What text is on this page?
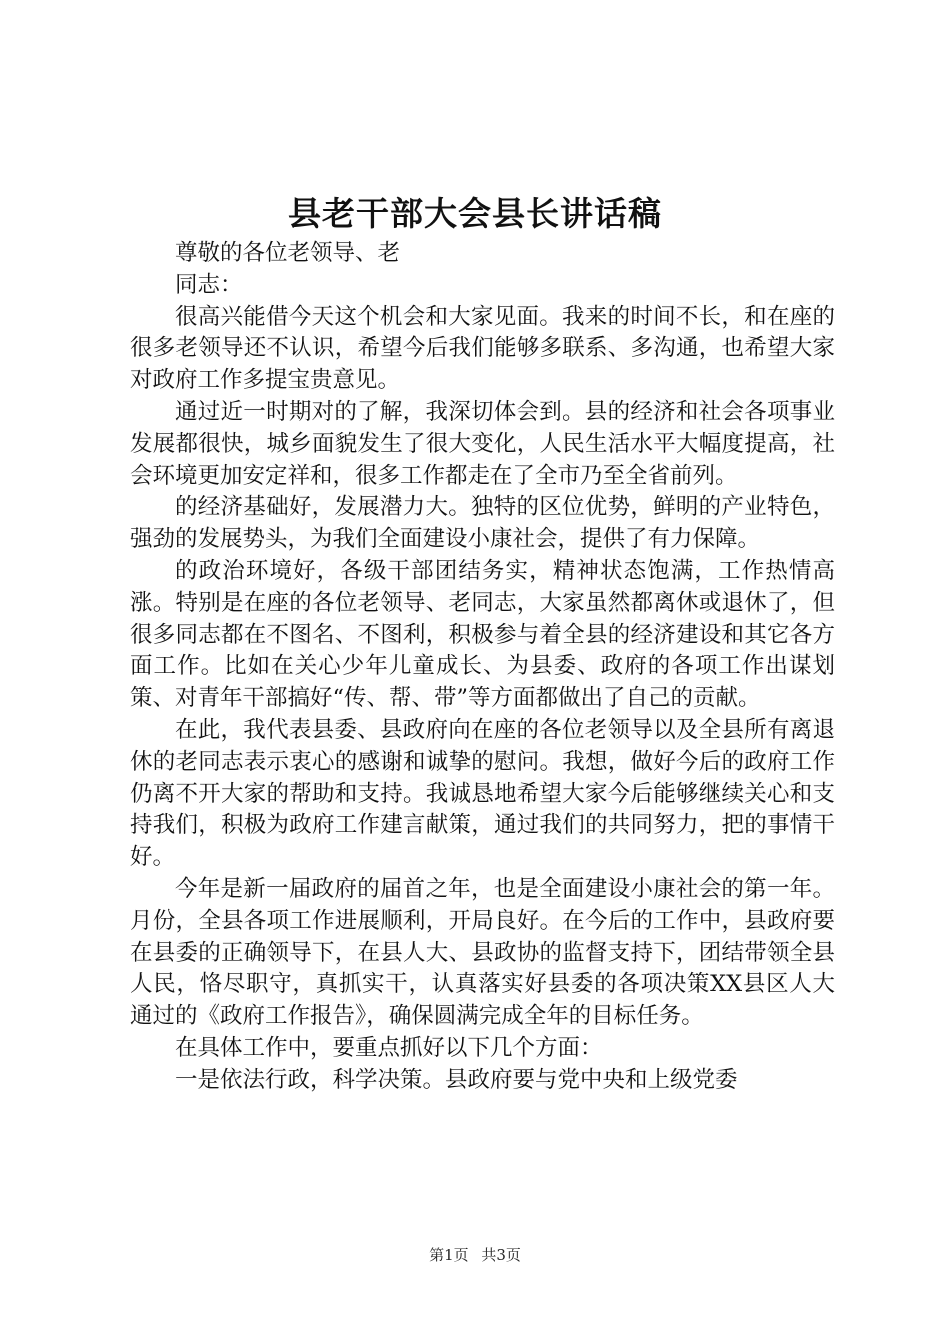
县老干部大会县长讲话稿

尊敬的各位老领导、老

同志：

很高兴能借今天这个机会和大家见面。我来的时间不长，和在座的很多老领导还不认识，希望今后我们能够多联系、多沟通，也希望大家对政府工作多提宝贵意见。

通过近一时期对的了解，我深切体会到。县的经济和社会各项事业发展都很快，城乡面貌发生了很大变化，人民生活水平大幅度提高，社会环境更加安定祥和，很多工作都走在了全市乃至全省前列。

的经济基础好，发展潜力大。独特的区位优势，鲜明的产业特色，强劲的发展势头，为我们全面建设小康社会，提供了有力保障。

的政治环境好，各级干部团结务实，精神状态饱满，工作热情高涨。特别是在座的各位老领导、老同志，大家虽然都离休或退休了，但很多同志都在不图名、不图利，积极参与着全县的经济建设和其它各方面工作。比如在关心少年儿童成长、为县委、政府的各项工作出谋划策、对青年干部搞好“传、帮、带”等方面都做出了自己的贡献。

在此，我代表县委、县政府向在座的各位老领导以及全县所有离退休的老同志表示衷心的感谢和诚挚的慰问。我想，做好今后的政府工作仍离不开大家的帮助和支持。我诚恳地希望大家今后能够继续关心和支持我们，积极为政府工作建言献策，通过我们的共同努力，把的事情干好。

今年是新一届政府的届首之年，也是全面建设小康社会的第一年。月份，全县各项工作进展顺利，开局良好。在今后的工作中，县政府要在县委的正确领导下，在县人大、县政协的监督支持下，团结带领全县人民，恪尽职守，真抓实干，认真落实好县委的各项决策XX县区人大通过的《政府工作报告》，确保圆满完成全年的目标任务。

在具体工作中，要重点抓好以下几个方面：

一是依法行政，科学决策。县政府要与党中央和上级党委

第1页 共3页
